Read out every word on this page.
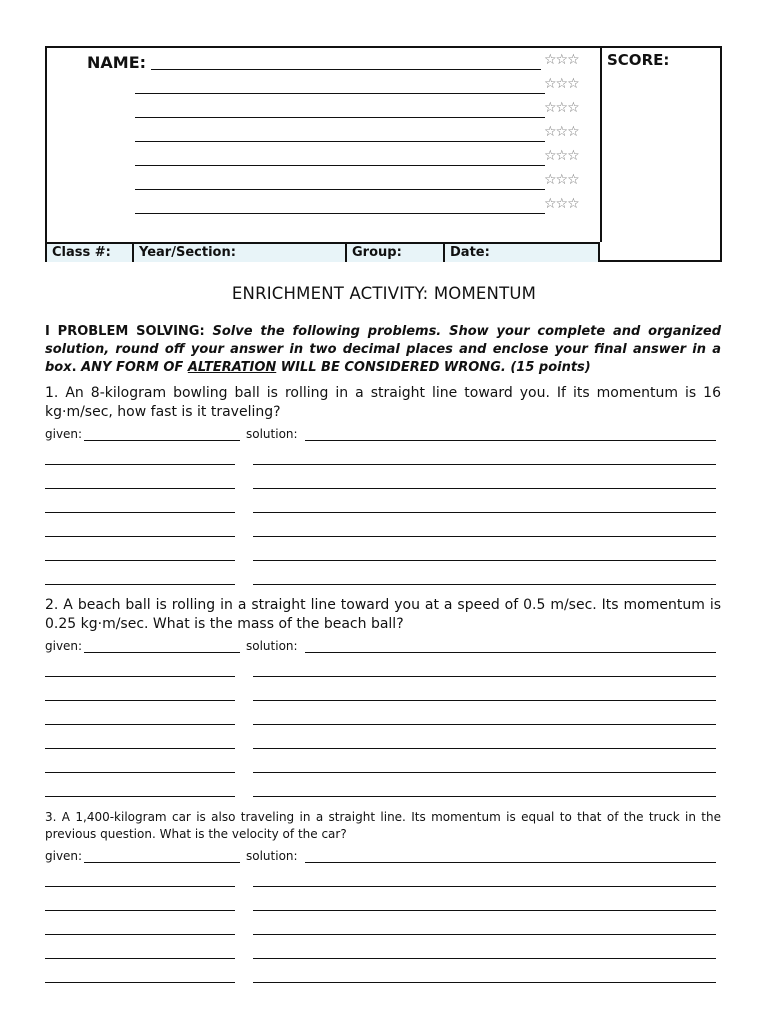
NAME:	☆☆☆
☆☆☆
☆☆☆
☆☆☆
☆☆☆
☆☆☆
☆☆☆
SCORE:
Class #:	Year/Section:	Group:	Date:
ENRICHMENT ACTIVITY: MOMENTUM
I PROBLEM SOLVING: Solve the following problems. Show your complete and organized solution, round off your answer in two decimal places and enclose your final answer in a box. ANY FORM OF ALTERATION WILL BE CONSIDERED WRONG. (15 points)
1. An 8-kilogram bowling ball is rolling in a straight line toward you. If its momentum is 16 kg·m/sec, how fast is it traveling?
given:	solution:
2. A beach ball is rolling in a straight line toward you at a speed of 0.5 m/sec. Its momentum is 0.25 kg·m/sec. What is the mass of the beach ball?
given:	solution:
3. A 1,400-kilogram car is also traveling in a straight line. Its momentum is equal to that of the truck in the previous question. What is the velocity of the car?
given:	solution:
